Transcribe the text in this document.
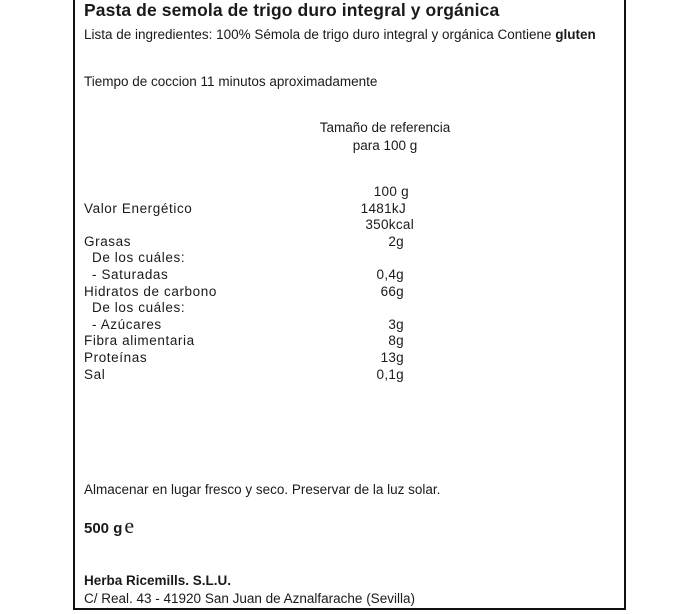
Pasta de semola de trigo duro integral y orgánica
Lista de ingredientes: 100% Sémola de trigo duro integral y orgánica Contiene gluten
Tiempo de coccion 11 minutos aproximadamente
Tamaño de referencia
para 100 g
100 g
Valor Energético	1481kJ
350kcal
Grasas	2g
De los cuáles:
- Saturadas	0,4g
Hidratos de carbono	66g
De los cuáles:
- Azúcares	3g
Fibra alimentaria	8g
Proteínas	13g
Sal	0,1g
Almacenar en lugar fresco y seco. Preservar de la luz solar.
500 g e
Herba Ricemills. S.L.U.
C/ Real. 43 - 41920 San Juan de Aznalfarache (Sevilla)
